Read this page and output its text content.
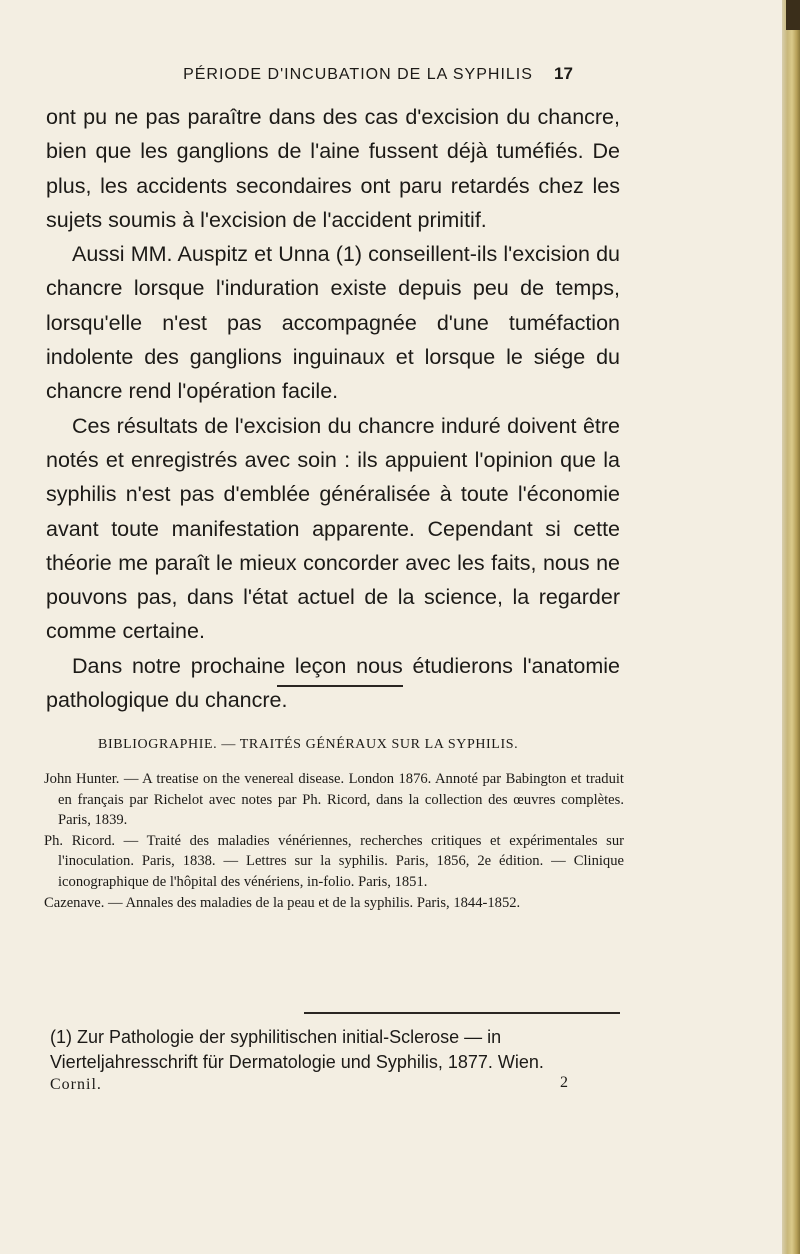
PÉRIODE D'INCUBATION DE LA SYPHILIS	17

ont pu ne pas paraître dans des cas d'excision du chancre, bien que les ganglions de l'aine fussent déjà tuméfiés. De plus, les accidents secondaires ont paru retardés chez les sujets soumis à l'excision de l'accident primitif.

Aussi MM. Auspitz et Unna (1) conseillent-ils l'excision du chancre lorsque l'induration existe depuis peu de temps, lorsqu'elle n'est pas accompagnée d'une tuméfaction indolente des ganglions inguinaux et lorsque le siége du chancre rend l'opération facile.

Ces résultats de l'excision du chancre induré doivent être notés et enregistrés avec soin : ils appuient l'opinion que la syphilis n'est pas d'emblée généralisée à toute l'économie avant toute manifestation apparente. Cependant si cette théorie me paraît le mieux concorder avec les faits, nous ne pouvons pas, dans l'état actuel de la science, la regarder comme certaine.

Dans notre prochaine leçon nous étudierons l'anatomie pathologique du chancre.

BIBLIOGRAPHIE. — TRAITÉS GÉNÉRAUX SUR LA SYPHILIS.

John Hunter. — A treatise on the venereal disease. London 1876. Annoté par Babington et traduit en français par Richelot avec notes par Ph. Ricord, dans la collection des œuvres complètes. Paris, 1839.

Ph. Ricord. — Traité des maladies vénériennes, recherches critiques et expérimentales sur l'inoculation. Paris, 1838. — Lettres sur la syphilis. Paris, 1856, 2e édition. — Clinique iconographique de l'hôpital des vénériens, in-folio. Paris, 1851.

Cazenave. — Annales des maladies de la peau et de la syphilis. Paris, 1844-1852.

(1) Zur Pathologie der syphilitischen initial-Sclerose — in Vierteljahresschrift für Dermatologie und Syphilis, 1877. Wien.

Cornil.	2
